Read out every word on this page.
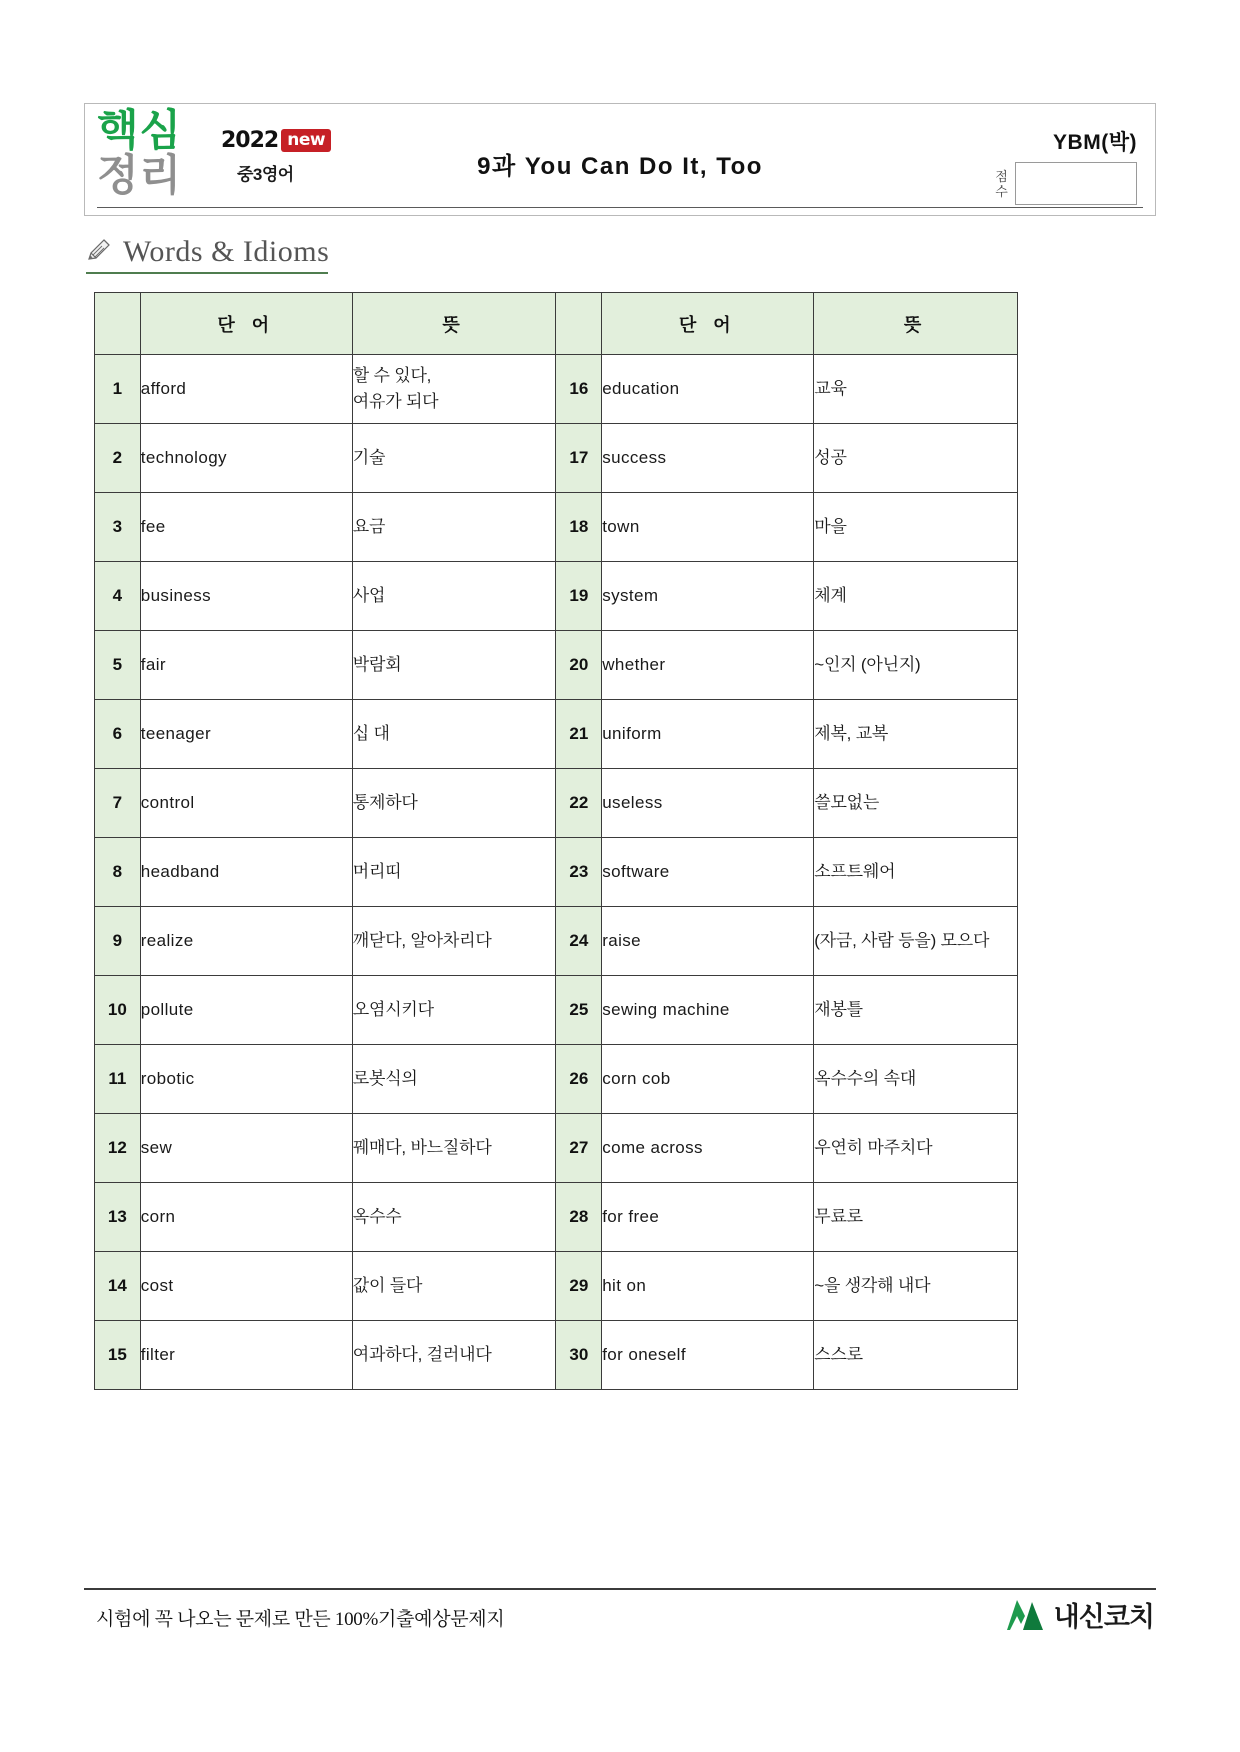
핵심
정리
2022 new
중3영어	9과 You Can Do It, Too
YBM(박)
점수
Words & Idioms
	단 어	뜻		단 어	뜻
1	afford	할 수 있다,
여유가 되다	16	education	교육
2	technology	기술	17	success	성공
3	fee	요금	18	town	마을
4	business	사업	19	system	체계
5	fair	박람회	20	whether	~인지 (아닌지)
6	teenager	십 대	21	uniform	제복, 교복
7	control	통제하다	22	useless	쓸모없는
8	headband	머리띠	23	software	소프트웨어
9	realize	깨닫다, 알아차리다	24	raise	(자금, 사람 등을) 모으다
10	pollute	오염시키다	25	sewing machine	재봉틀
11	robotic	로봇식의	26	corn cob	옥수수의 속대
12	sew	꿰매다, 바느질하다	27	come across	우연히 마주치다
13	corn	옥수수	28	for free	무료로
14	cost	값이 들다	29	hit on	~을 생각해 내다
15	filter	여과하다, 걸러내다	30	for oneself	스스로
시험에 꼭 나오는 문제로 만든 100%기출예상문제지	내신코치
